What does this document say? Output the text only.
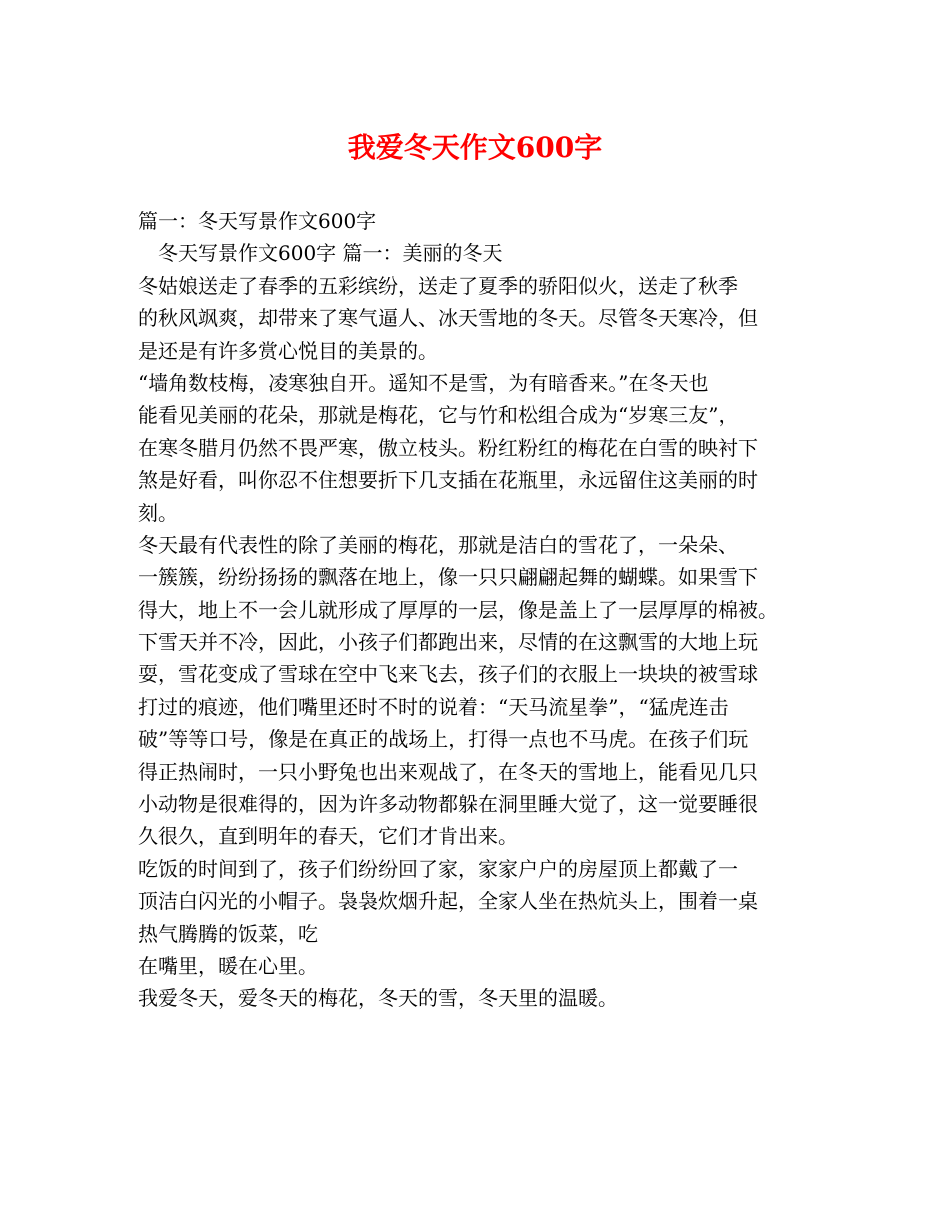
我爱冬天作文600字
篇一：冬天写景作文600字
　冬天写景作文600字 篇一：美丽的冬天
冬姑娘送走了春季的五彩缤纷，送走了夏季的骄阳似火，送走了秋季
的秋风飒爽，却带来了寒气逼人、冰天雪地的冬天。尽管冬天寒冷，但
是还是有许多赏心悦目的美景的。
“墙角数枝梅，凌寒独自开。遥知不是雪，为有暗香来。”在冬天也
能看见美丽的花朵，那就是梅花，它与竹和松组合成为“岁寒三友”，
在寒冬腊月仍然不畏严寒，傲立枝头。粉红粉红的梅花在白雪的映衬下
煞是好看，叫你忍不住想要折下几支插在花瓶里，永远留住这美丽的时
刻。
冬天最有代表性的除了美丽的梅花，那就是洁白的雪花了，一朵朵、
一簇簇，纷纷扬扬的飘落在地上，像一只只翩翩起舞的蝴蝶。如果雪下
得大，地上不一会儿就形成了厚厚的一层，像是盖上了一层厚厚的棉被。
下雪天并不冷，因此，小孩子们都跑出来，尽情的在这飘雪的大地上玩
耍，雪花变成了雪球在空中飞来飞去，孩子们的衣服上一块块的被雪球
打过的痕迹，他们嘴里还时不时的说着：“天马流星拳”，“猛虎连击
破”等等口号，像是在真正的战场上，打得一点也不马虎。在孩子们玩
得正热闹时，一只小野兔也出来观战了，在冬天的雪地上，能看见几只
小动物是很难得的，因为许多动物都躲在洞里睡大觉了，这一觉要睡很
久很久，直到明年的春天，它们才肯出来。
吃饭的时间到了，孩子们纷纷回了家，家家户户的房屋顶上都戴了一
顶洁白闪光的小帽子。袅袅炊烟升起，全家人坐在热炕头上，围着一桌
热气腾腾的饭菜，吃
在嘴里，暖在心里。
我爱冬天，爱冬天的梅花，冬天的雪，冬天里的温暖。
